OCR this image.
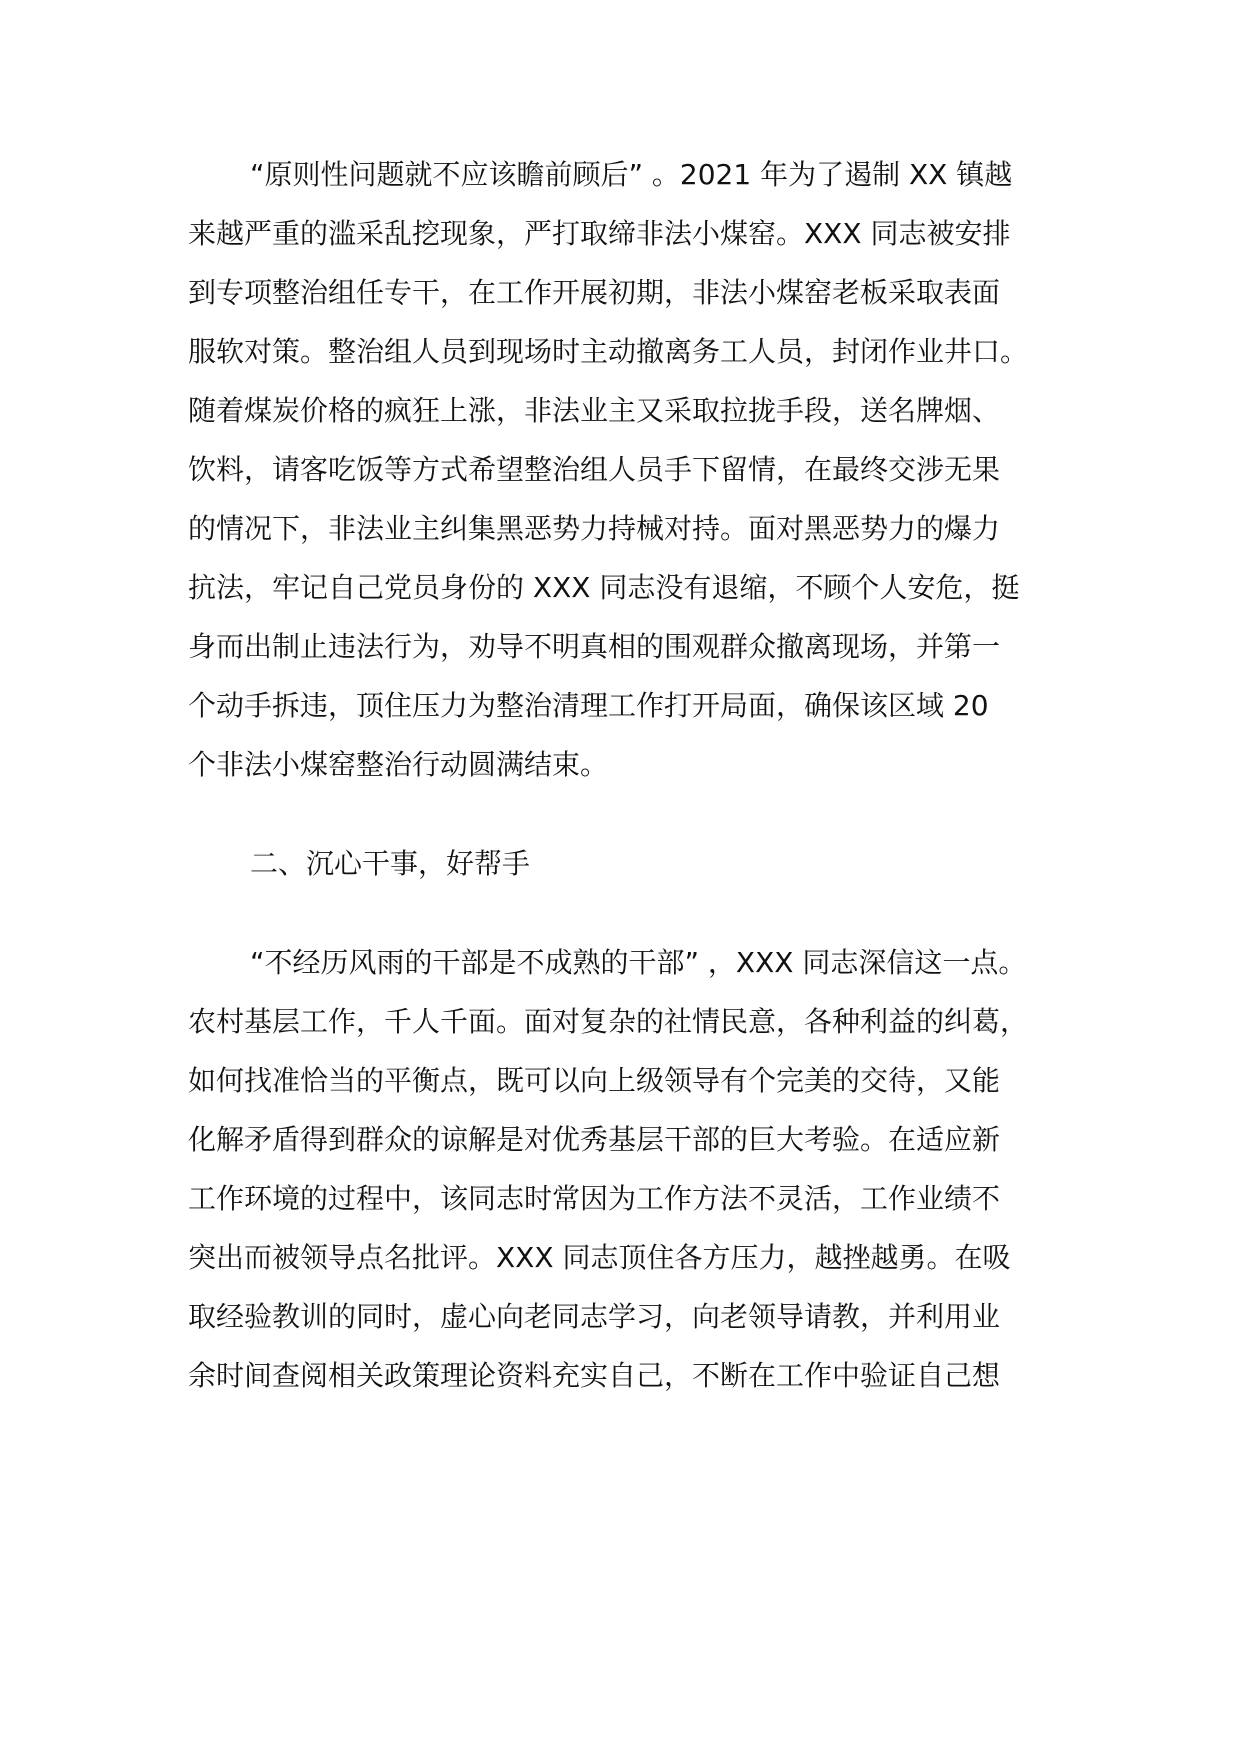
“原则性问题就不应该瞻前顾后” 。2021 年为了遏制 XX 镇越
来越严重的滥采乱挖现象，严打取缔非法小煤窑。XXX 同志被安排
到专项整治组任专干，在工作开展初期，非法小煤窑老板采取表面
服软对策。整治组人员到现场时主动撤离务工人员，封闭作业井口。
随着煤炭价格的疯狂上涨，非法业主又采取拉拢手段，送名牌烟、
饮料，请客吃饭等方式希望整治组人员手下留情，在最终交涉无果
的情况下，非法业主纠集黑恶势力持械对持。面对黑恶势力的爆力
抗法，牢记自己党员身份的 XXX 同志没有退缩，不顾个人安危，挺
身而出制止违法行为，劝导不明真相的围观群众撤离现场，并第一
个动手拆违，顶住压力为整治清理工作打开局面，确保该区域 20
个非法小煤窑整治行动圆满结束。
二、沉心干事，好帮手
“不经历风雨的干部是不成熟的干部” ，XXX 同志深信这一点。
农村基层工作，千人千面。面对复杂的社情民意，各种利益的纠葛，
如何找准恰当的平衡点，既可以向上级领导有个完美的交待，又能
化解矛盾得到群众的谅解是对优秀基层干部的巨大考验。在适应新
工作环境的过程中，该同志时常因为工作方法不灵活，工作业绩不
突出而被领导点名批评。XXX 同志顶住各方压力，越挫越勇。在吸
取经验教训的同时，虚心向老同志学习，向老领导请教，并利用业
余时间查阅相关政策理论资料充实自己，不断在工作中验证自己想
